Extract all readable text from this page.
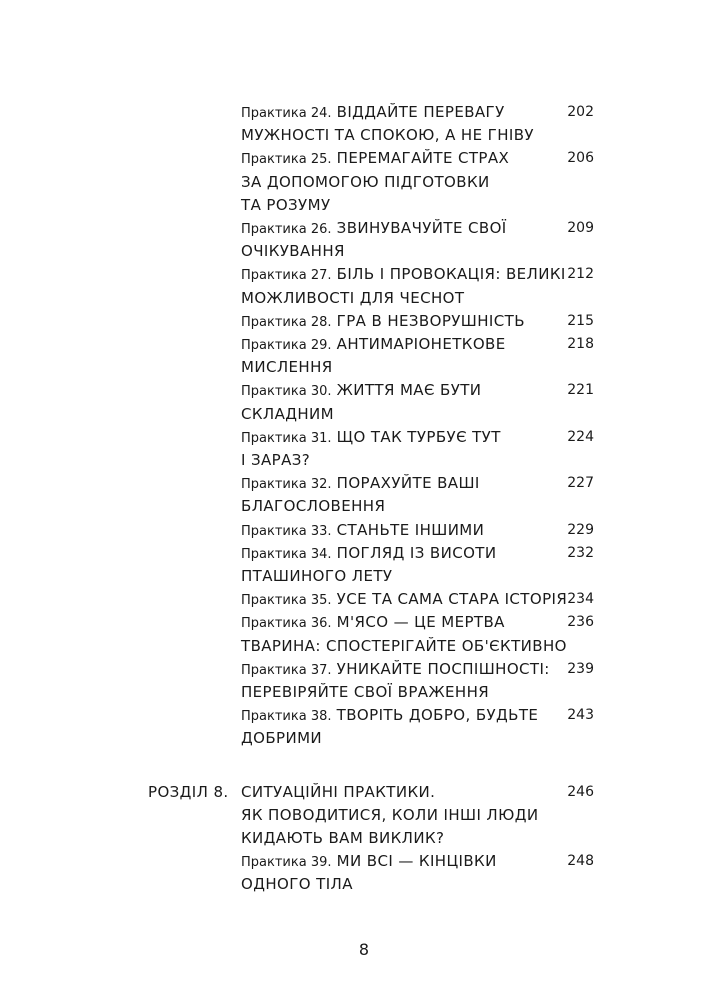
Практика 24. ВІДДАЙТЕ ПЕРЕВАГУ
МУЖНОСТІ ТА СПОКОЮ, А НЕ ГНІВУ
202
Практика 25. ПЕРЕМАГАЙТЕ СТРАХ
ЗА ДОПОМОГОЮ ПІДГОТОВКИ
ТА РОЗУМУ
206
Практика 26. ЗВИНУВАЧУЙТЕ СВОЇ
ОЧІКУВАННЯ
209
Практика 27. БІЛЬ І ПРОВОКАЦІЯ: ВЕЛИКІ
МОЖЛИВОСТІ ДЛЯ ЧЕСНОТ
212
Практика 28. ГРА В НЕЗВОРУШНІСТЬ	215
Практика 29. АНТИМАРІОНЕТКОВЕ
МИСЛЕННЯ
218
Практика 30. ЖИТТЯ МАЄ БУТИ
СКЛАДНИМ
221
Практика 31. ЩО ТАК ТУРБУЄ ТУТ
І ЗАРАЗ?
224
Практика 32. ПОРАХУЙТЕ ВАШІ
БЛАГОСЛОВЕННЯ
227
Практика 33. СТАНЬТЕ ІНШИМИ	229
Практика 34. ПОГЛЯД ІЗ ВИСОТИ
ПТАШИНОГО ЛЕТУ
232
Практика 35. УСЕ ТА САМА СТАРА ІСТОРІЯ 234
Практика 36. М'ЯСО — ЦЕ МЕРТВА
ТВАРИНА: СПОСТЕРІГАЙТЕ ОБ'ЄКТИВНО
236
Практика 37. УНИКАЙТЕ ПОСПІШНОСТІ:
ПЕРЕВІРЯЙТЕ СВОЇ ВРАЖЕННЯ
239
Практика 38. ТВОРІТЬ ДОБРО, БУДЬТЕ
ДОБРИМИ
243
РОЗДІЛ 8. СИТУАЦІЙНІ ПРАКТИКИ.
ЯК ПОВОДИТИСЯ, КОЛИ ІНШІ ЛЮДИ
КИДАЮТЬ ВАМ ВИКЛИК?
246
Практика 39. МИ ВСІ — КІНЦІВКИ
ОДНОГО ТІЛА
248
8
